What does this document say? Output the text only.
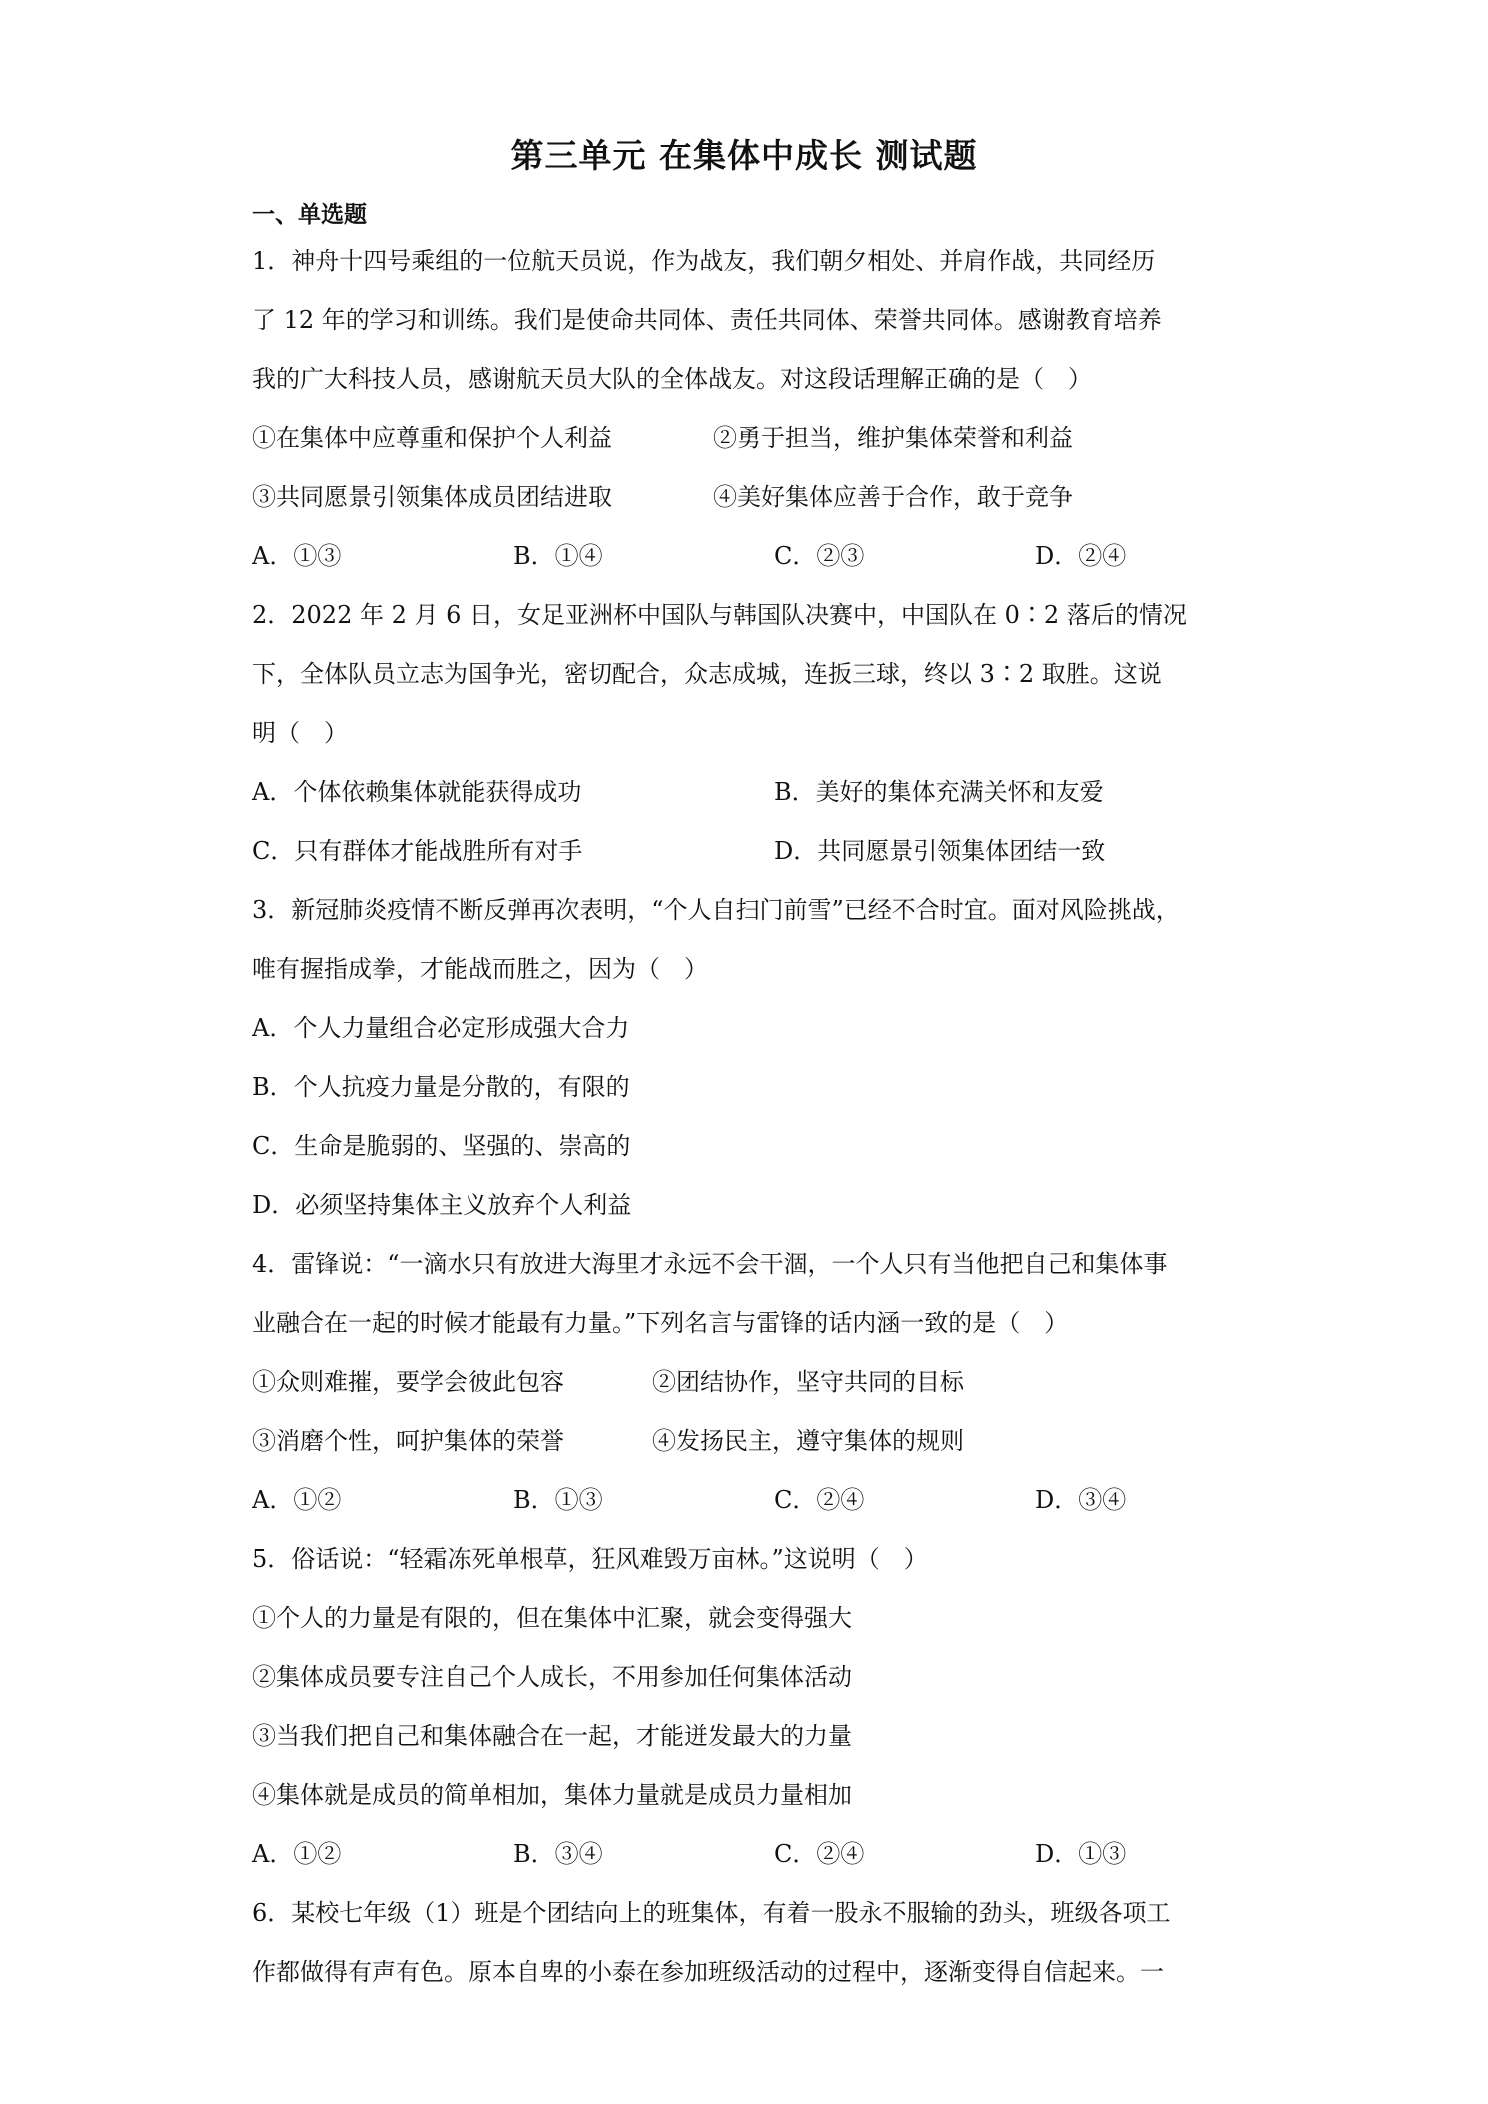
第三单元 在集体中成长 测试题
一、单选题
1．神舟十四号乘组的一位航天员说，作为战友，我们朝夕相处、并肩作战，共同经历
了 12 年的学习和训练。我们是使命共同体、责任共同体、荣誉共同体。感谢教育培养
我的广大科技人员，感谢航天员大队的全体战友。对这段话理解正确的是（　）
①在集体中应尊重和保护个人利益	②勇于担当，维护集体荣誉和利益
③共同愿景引领集体成员团结进取	④美好集体应善于合作，敢于竞争
A．①③	B．①④	C．②③	D．②④
2．2022 年 2 月 6 日，女足亚洲杯中国队与韩国队决赛中，中国队在 0∶2 落后的情况
下，全体队员立志为国争光，密切配合，众志成城，连扳三球，终以 3∶2 取胜。这说
明（　）
A．个体依赖集体就能获得成功	B．美好的集体充满关怀和友爱
C．只有群体才能战胜所有对手	D．共同愿景引领集体团结一致
3．新冠肺炎疫情不断反弹再次表明，“个人自扫门前雪”已经不合时宜。面对风险挑战，
唯有握指成拳，才能战而胜之，因为（　）
A．个人力量组合必定形成强大合力
B．个人抗疫力量是分散的，有限的
C．生命是脆弱的、坚强的、崇高的
D．必须坚持集体主义放弃个人利益
4．雷锋说：“一滴水只有放进大海里才永远不会干涸，一个人只有当他把自己和集体事
业融合在一起的时候才能最有力量。”下列名言与雷锋的话内涵一致的是（　）
①众则难摧，要学会彼此包容	②团结协作，坚守共同的目标
③消磨个性，呵护集体的荣誉	④发扬民主，遵守集体的规则
A．①②	B．①③	C．②④	D．③④
5．俗话说：“轻霜冻死单根草，狂风难毁万亩林。”这说明（　）
①个人的力量是有限的，但在集体中汇聚，就会变得强大
②集体成员要专注自己个人成长，不用参加任何集体活动
③当我们把自己和集体融合在一起，才能迸发最大的力量
④集体就是成员的简单相加，集体力量就是成员力量相加
A．①②	B．③④	C．②④	D．①③
6．某校七年级（1）班是个团结向上的班集体，有着一股永不服输的劲头，班级各项工
作都做得有声有色。原本自卑的小泰在参加班级活动的过程中，逐渐变得自信起来。一
